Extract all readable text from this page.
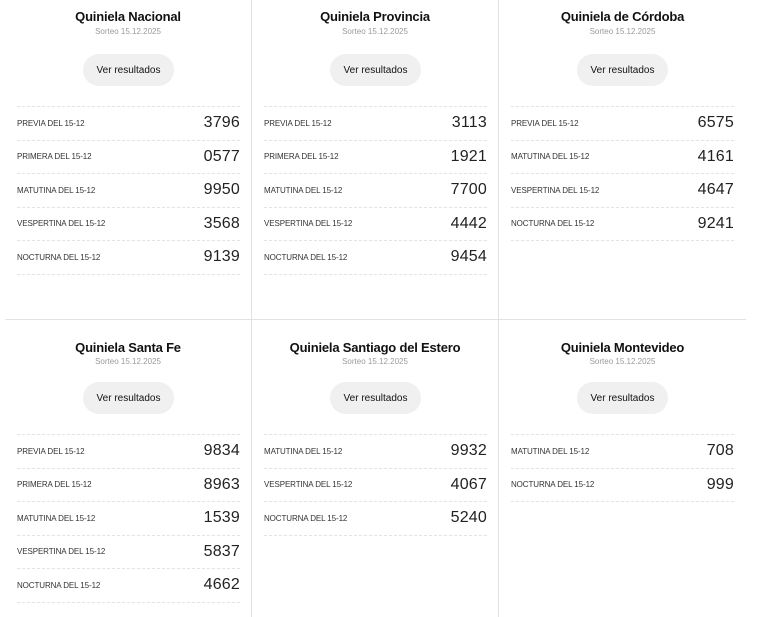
Quiniela Nacional
Sorteo 15.12.2025
Ver resultados
PREVIA DEL 15-12	3796
PRIMERA DEL 15-12	0577
MATUTINA DEL 15-12	9950
VESPERTINA DEL 15-12	3568
NOCTURNA DEL 15-12	9139
Quiniela Provincia
Sorteo 15.12.2025
Ver resultados
PREVIA DEL 15-12	3113
PRIMERA DEL 15-12	1921
MATUTINA DEL 15-12	7700
VESPERTINA DEL 15-12	4442
NOCTURNA DEL 15-12	9454
Quiniela de Córdoba
Sorteo 15.12.2025
Ver resultados
PREVIA DEL 15-12	6575
MATUTINA DEL 15-12	4161
VESPERTINA DEL 15-12	4647
NOCTURNA DEL 15-12	9241
Quiniela Santa Fe
Sorteo 15.12.2025
Ver resultados
PREVIA DEL 15-12	9834
PRIMERA DEL 15-12	8963
MATUTINA DEL 15-12	1539
VESPERTINA DEL 15-12	5837
NOCTURNA DEL 15-12	4662
Quiniela Santiago del Estero
Sorteo 15.12.2025
Ver resultados
MATUTINA DEL 15-12	9932
VESPERTINA DEL 15-12	4067
NOCTURNA DEL 15-12	5240
Quiniela Montevideo
Sorteo 15.12.2025
Ver resultados
MATUTINA DEL 15-12	708
NOCTURNA DEL 15-12	999
